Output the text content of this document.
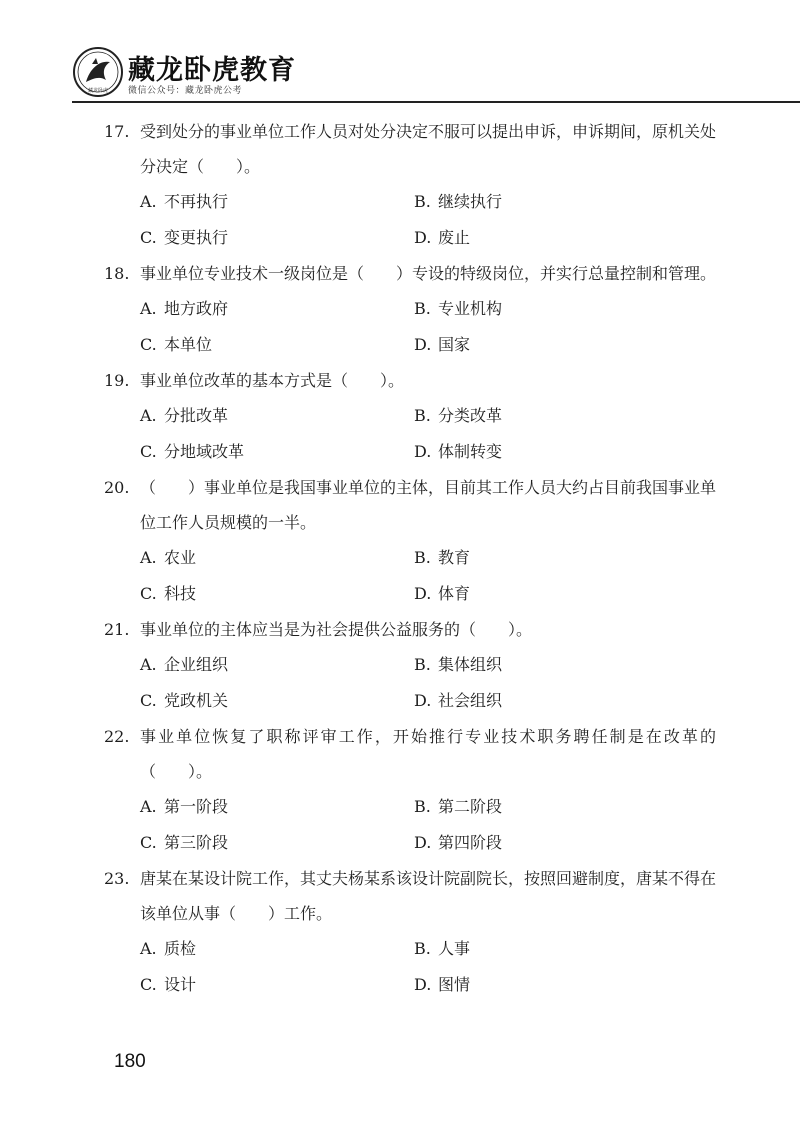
藏龙卧虎
藏龙卧虎教育
微信公众号：藏龙卧虎公考
17. 受到处分的事业单位工作人员对处分决定不服可以提出申诉，申诉期间，原机关处分决定（　　）。
A. 不再执行	B. 继续执行
C. 变更执行	D. 废止
18. 事业单位专业技术一级岗位是（　　）专设的特级岗位，并实行总量控制和管理。
A. 地方政府	B. 专业机构
C. 本单位	D. 国家
19. 事业单位改革的基本方式是（　　）。
A. 分批改革	B. 分类改革
C. 分地域改革	D. 体制转变
20. （　　）事业单位是我国事业单位的主体，目前其工作人员大约占目前我国事业单位工作人员规模的一半。
A. 农业	B. 教育
C. 科技	D. 体育
21. 事业单位的主体应当是为社会提供公益服务的（　　）。
A. 企业组织	B. 集体组织
C. 党政机关	D. 社会组织
22. 事业单位恢复了职称评审工作，开始推行专业技术职务聘任制是在改革的（　　）。
A. 第一阶段	B. 第二阶段
C. 第三阶段	D. 第四阶段
23. 唐某在某设计院工作，其丈夫杨某系该设计院副院长，按照回避制度，唐某不得在该单位从事（　　）工作。
A. 质检	B. 人事
C. 设计	D. 图情
180
